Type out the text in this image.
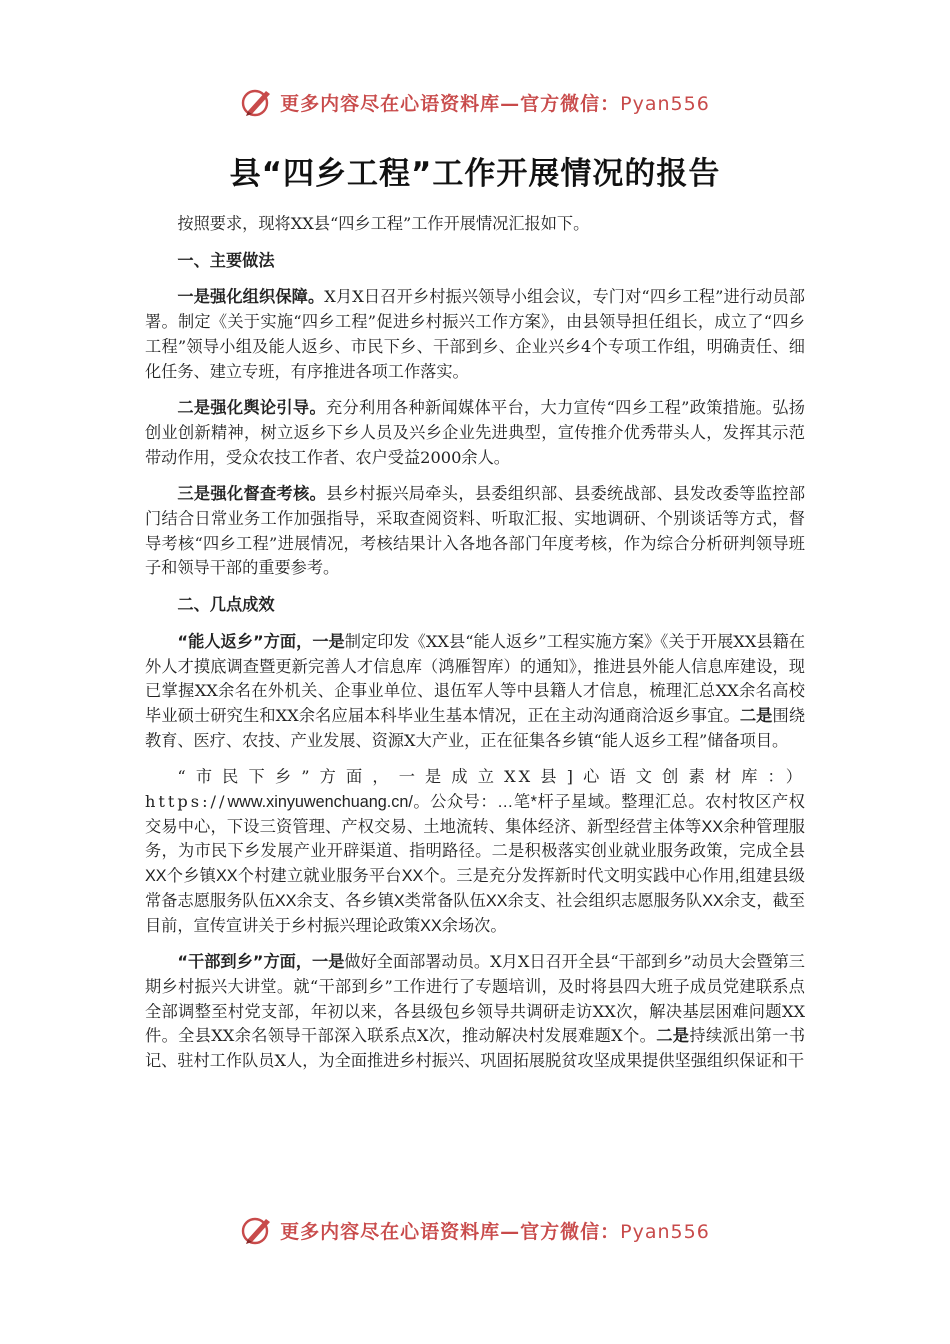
更多内容尽在心语资料库—官方微信：Pyan556
县“四乡工程”工作开展情况的报告

按照要求，现将XX县“四乡工程”工作开展情况汇报如下。

一、主要做法

一是强化组织保障。X月X日召开乡村振兴领导小组会议，专门对“四乡工程”进行动员部署。制定《关于实施“四乡工程”促进乡村振兴工作方案》，由县领导担任组长，成立了“四乡工程”领导小组及能人返乡、市民下乡、干部到乡、企业兴乡4个专项工作组，明确责任、细化任务、建立专班，有序推进各项工作落实。

二是强化舆论引导。充分利用各种新闻媒体平台，大力宣传“四乡工程”政策措施。弘扬创业创新精神，树立返乡下乡人员及兴乡企业先进典型，宣传推介优秀带头人，发挥其示范带动作用，受众农技工作者、农户受益2000余人。

三是强化督查考核。县乡村振兴局牵头，县委组织部、县委统战部、县发改委等监控部门结合日常业务工作加强指导，采取查阅资料、听取汇报、实地调研、个别谈话等方式，督导考核“四乡工程”进展情况，考核结果计入各地各部门年度考核，作为综合分析研判领导班子和领导干部的重要参考。

二、几点成效

“能人返乡”方面，一是制定印发《XX县“能人返乡”工程实施方案》《关于开展XX县籍在外人才摸底调查暨更新完善人才信息库（鸿雁智库）的通知》，推进县外能人信息库建设，现已掌握XX余名在外机关、企事业单位、退伍军人等中县籍人才信息，梳理汇总XX余名高校毕业硕士研究生和XX余名应届本科毕业生基本情况，正在主动沟通商洽返乡事宜。二是围绕教育、医疗、农技、产业发展、资源X大产业，正在征集各乡镇“能人返乡工程”储备项目。

“市民下乡”方面，一是成立XX县]心语文创素材库：）https://www.xinyuwenchuang.cn/。公众号：…笔*杆子星域。整理汇总。农村牧区产权交易中心，下设三资管理、产权交易、土地流转、集体经济、新型经营主体等XX余种管理服务，为市民下乡发展产业开辟渠道、指明路径。二是积极落实创业就业服务政策，完成全县XX个乡镇XX个村建立就业服务平台XX个。三是充分发挥新时代文明实践中心作用,组建县级常备志愿服务队伍XX余支、各乡镇X类常备队伍XX余支、社会组织志愿服务队XX余支，截至目前，宣传宣讲关于乡村振兴理论政策XX余场次。

“干部到乡”方面，一是做好全面部署动员。X月X日召开全县“干部到乡”动员大会暨第三期乡村振兴大讲堂。就“干部到乡”工作进行了专题培训，及时将县四大班子成员党建联系点全部调整至村党支部，年初以来，各县级包乡领导共调研走访XX次，解决基层困难问题XX件。全县XX余名领导干部深入联系点X次，推动解决村发展难题X个。二是持续派出第一书记、驻村工作队员X人，为全面推进乡村振兴、巩固拓展脱贫攻坚成果提供坚强组织保证和干

更多内容尽在心语资料库—官方微信：Pyan556
